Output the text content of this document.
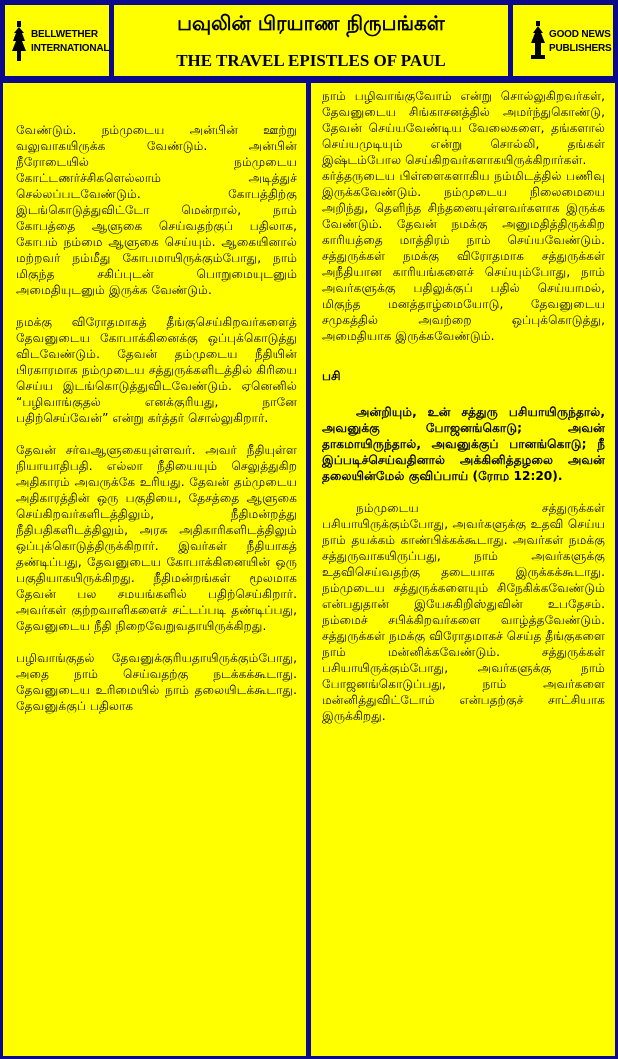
BELLWETHER
INTERNATIONAL
பவுலின் பிரயாண நிருபங்கள்
THE TRAVEL EPISTLES OF PAUL
GOOD NEWS
PUBLISHERS

வேண்டும். நம்முடைய அன்பின் ஊற்று வலுவாகயிருக்க வேண்டும். அன்பின் நீரோடையில் நம்முடைய கோட்டணர்ச்சிகளெல்லாம் அடித்துச் செல்லப்படவேண்டும். கோபத்திற்கு இடங்கொடுத்துவிட்டோ மென்றால், நாம் கோபத்தை ஆளுகை செய்வதற்குப் பதிலாக, கோபம் நம்மை ஆளுகை செய்யும். ஆகையினால் மற்றவர் நம்மீது கோபமாயிருக்கும்போது, நாம் மிகுந்த சகிப்புடன் பொறுமையுடனும் அமைதியுடனும் இருக்க வேண்டும்.

நமக்கு விரோதமாகத் தீங்குசெய்கிறவர்களைத் தேவனுடைய கோபாக்கினைக்கு ஒப்புக்கொடுத்து விடவேண்டும். தேவன் தம்முடைய நீதியின் பிரகாரமாக நம்முடைய சத்துருக்களிடத்தில் கிரியை செய்ய இடங்கொடுத்துவிடவேண்டும். ஏனெனில் “பழிவாங்குதல் எனக்குரியது, நானே பதிற்செய்வேன்” என்று கர்த்தர் சொல்லுகிறார்.

தேவன் சர்வஆளுகையுள்ளவர். அவர் நீதியுள்ள நியாயாதிபதி. எல்லா நீதியையும் செலுத்துகிற அதிகாரம் அவருக்கே உரியது. தேவன் தம்முடைய அதிகாரத்தின் ஒரு பகுதியை, தேசத்தை ஆளுகை செய்கிறவர்களிடத்திலும், நீதிமன்றத்து நீதிபதிகளிடத்திலும், அரசு அதிகாரிகளிடத்திலும் ஒப்புக்கொடுத்திருக்கிறார். இவர்கள் நீதியாகத் தண்டிப்பது, தேவனுடைய கோபாக்கினையின் ஒரு பகுதியாகயிருக்கிறது. நீதிமன்றங்கள் மூலமாக தேவன் பல சமயங்களில் பதிற்செய்கிறார். அவர்கள் குற்றவாளிகளைச் சட்டப்படி தண்டிப்பது, தேவனுடைய நீதி நிறைவேறுவதாயிருக்கிறது.

பழிவாங்குதல் தேவனுக்குரியதாயிருக்கும்போது, அதை நாம் செய்வதற்கு நடக்கக்கூடாது. தேவனுடைய உரிமையில் நாம் தலையிடக்கூடாது. தேவனுக்குப் பதிலாக

நாம் பழிவாங்குவோம் என்று சொல்லுகிறவர்கள், தேவனுடைய சிங்காசனத்தில் அமர்ந்துகொண்டு, தேவன் செய்யவேண்டிய வேலைகளை, தங்களால் செய்யமுடியும் என்று சொல்லி, தங்கள் இஷ்டம்போல செய்கிறவர்களாகயிருக்கிறார்கள்.

கர்த்தருடைய பிள்ளைகளாகிய நம்மிடத்தில் பணிவு இருக்கவேண்டும். நம்முடைய நிலைமையை அறிந்து, தெளிந்த சிந்தனையுள்ளவர்களாக இருக்க வேண்டும். தேவன் நமக்கு அனுமதித்திருக்கிற காரியத்தை மாத்திரம் நாம் செய்யவேண்டும். சத்துருக்கள் நமக்கு விரோதமாக சத்துருக்கள் அநீதியான காரியங்களைச் செய்யும்போது, நாம் அவர்களுக்கு பதிலுக்குப் பதில் செய்யாமல், மிகுந்த மனத்தாழ்மையோடு, தேவனுடைய சமுகத்தில் அவற்றை ஒப்புக்கொடுத்து, அமைதியாக இருக்கவேண்டும்.

பசி

அன்றியும், உன் சத்துரு பசியாயிருந்தால், அவனுக்கு போஜனங்கொடு; அவன் தாகமாயிருந்தால், அவனுக்குப் பானங்கொடு; நீ இப்படிச்செய்வதினால் அக்கினித்தழலை அவன் தலையின்மேல் குவிப்பாய் (ரோம 12:20).

நம்முடைய சத்துருக்கள் பசியாயிருக்கும்போது, அவர்களுக்கு உதவி செய்ய நாம் தயக்கம் காண்பிக்கக்கூடாது. அவர்கள் நமக்கு சத்துருவாகயிருப்பது, நாம் அவர்களுக்கு உதவிசெய்வதற்கு தடையாக இருக்கக்கூடாது. நம்முடைய சத்துருக்களையும் சிநேகிக்கவேண்டும் என்பதுதான் இயேசுகிறிஸ்துவின் உபதேசம். நம்மைச் சபிக்கிறவர்களை வாழ்த்தவேண்டும். சத்துருக்கள் நமக்கு விரோதமாகச் செய்த தீங்குகளை நாம் மன்னிக்கவேண்டும். சத்துருக்கள் பசியாயிருக்கும்போது, அவர்களுக்கு நாம் போஜனங்கொடுப்பது, நாம் அவர்களை மன்னித்துவிட்டோம் என்பதற்குச் சாட்சியாக இருக்கிறது.
